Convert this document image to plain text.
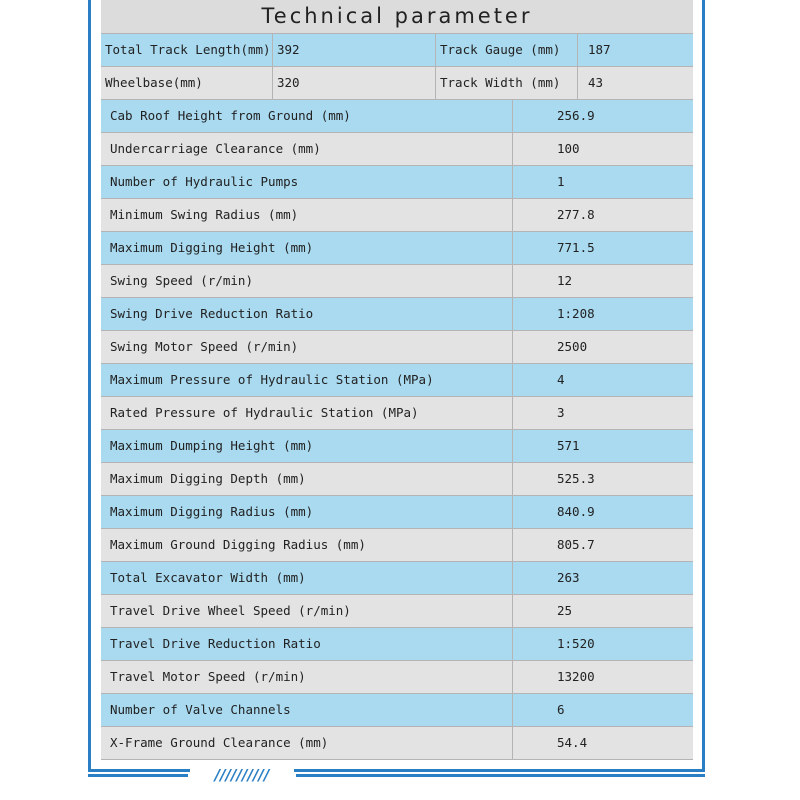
Technical parameter
Total Track Length(mm) 392	Track Gauge (mm)	187
Wheelbase(mm)	320	Track Width (mm)	43
Cab Roof Height from Ground (mm)	256.9
Undercarriage Clearance (mm)	100
Number of Hydraulic Pumps	1
Minimum Swing Radius (mm)	277.8
Maximum Digging Height (mm)	771.5
Swing Speed (r/min)	12
Swing Drive Reduction Ratio	1:208
Swing Motor Speed (r/min)	2500
Maximum Pressure of Hydraulic Station (MPa)	4
Rated Pressure of Hydraulic Station (MPa)	3
Maximum Dumping Height (mm)	571
Maximum Digging Depth (mm)	525.3
Maximum Digging Radius (mm)	840.9
Maximum Ground Digging Radius (mm)	805.7
Total Excavator Width (mm)	263
Travel Drive Wheel Speed (r/min)	25
Travel Drive Reduction Ratio	1:520
Travel Motor Speed (r/min)	13200
Number of Valve Channels	6
X-Frame Ground Clearance (mm)	54.4
//////////
